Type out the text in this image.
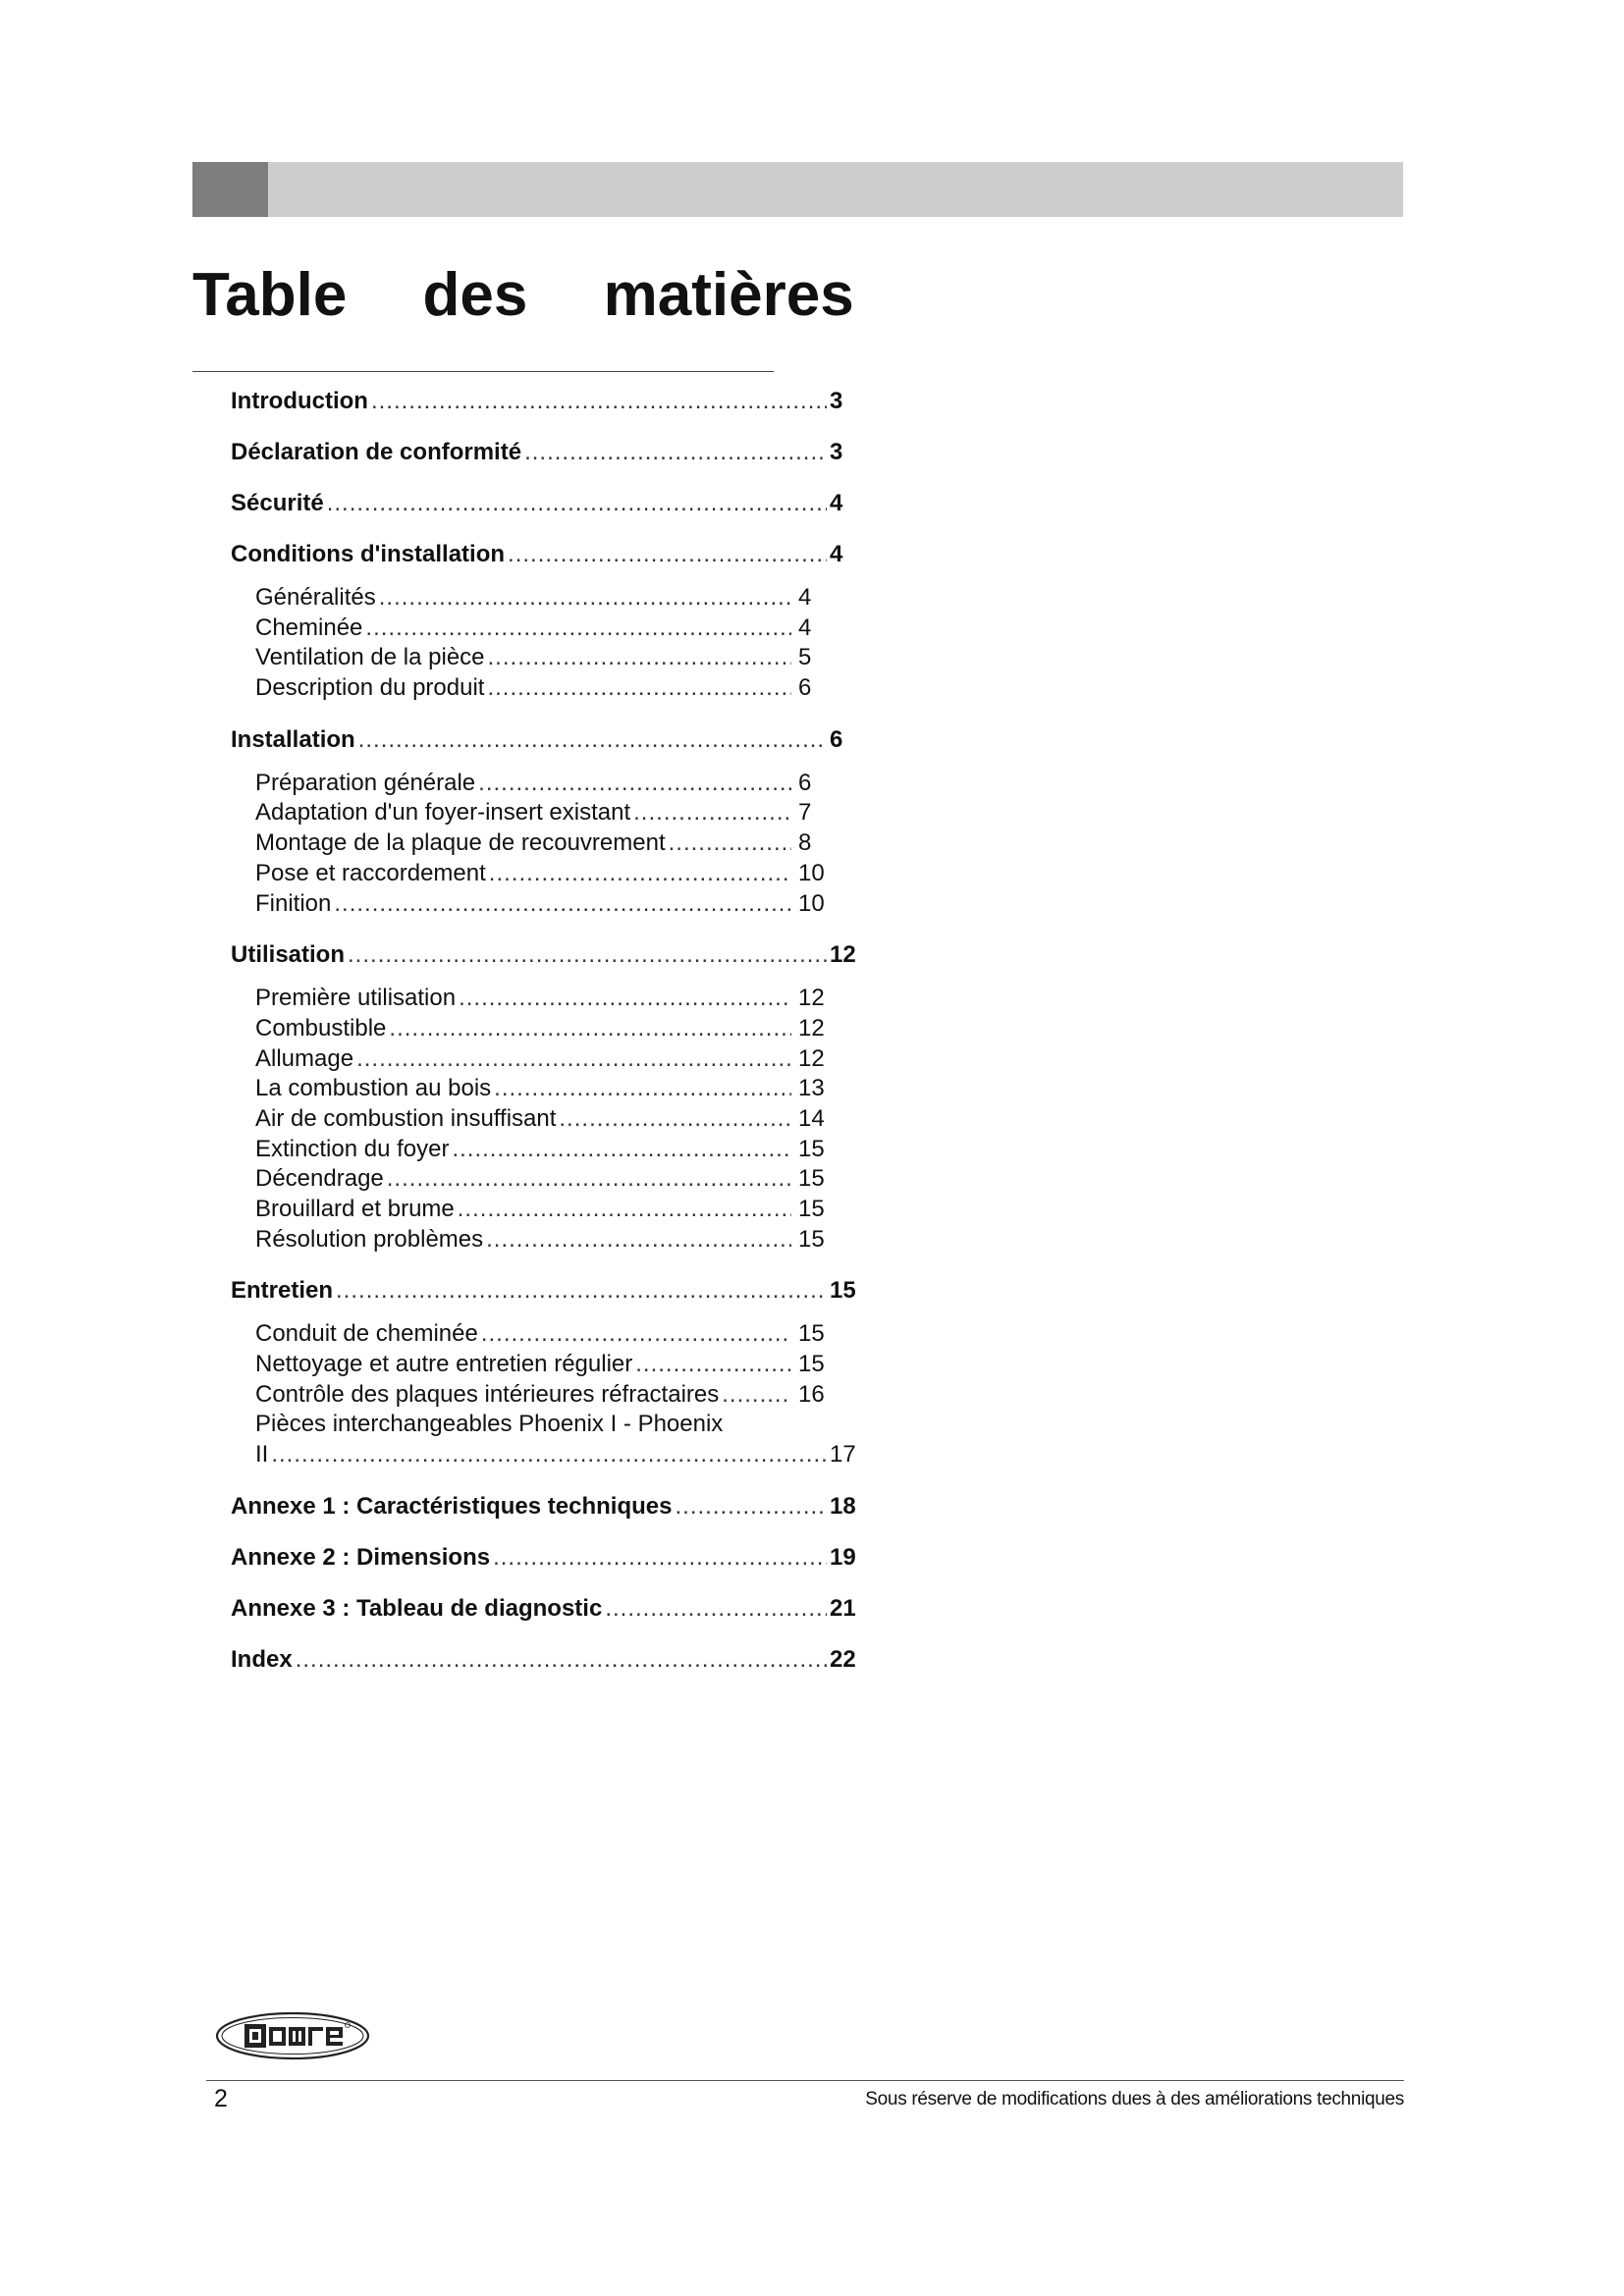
Table des matières
Introduction .....	3
Déclaration de conformité .....	3
Sécurité .....	4
Conditions d'installation .....	4
Généralités .....	4
Cheminée .....	4
Ventilation de la pièce .....	5
Description du produit .....	6
Installation .....	6
Préparation générale .....	6
Adaptation d'un foyer-insert existant .....	7
Montage de la plaque de recouvrement .....	8
Pose et raccordement .....	10
Finition .....	10
Utilisation .....	12
Première utilisation .....	12
Combustible .....	12
Allumage .....	12
La combustion au bois .....	13
Air de combustion insuffisant .....	14
Extinction du foyer .....	15
Décendrage .....	15
Brouillard et brume .....	15
Résolution problèmes .....	15
Entretien .....	15
Conduit de cheminée .....	15
Nettoyage et autre entretien régulier .....	15
Contrôle des plaques intérieures réfractaires .....	16
Pièces interchangeables Phoenix I - Phoenix
II .....	17
Annexe 1 : Caractéristiques techniques .....	18
Annexe 2 : Dimensions .....	19
Annexe 3 : Tableau de diagnostic .....	21
Index .....	22
2	Sous réserve de modifications dues à des améliorations techniques
